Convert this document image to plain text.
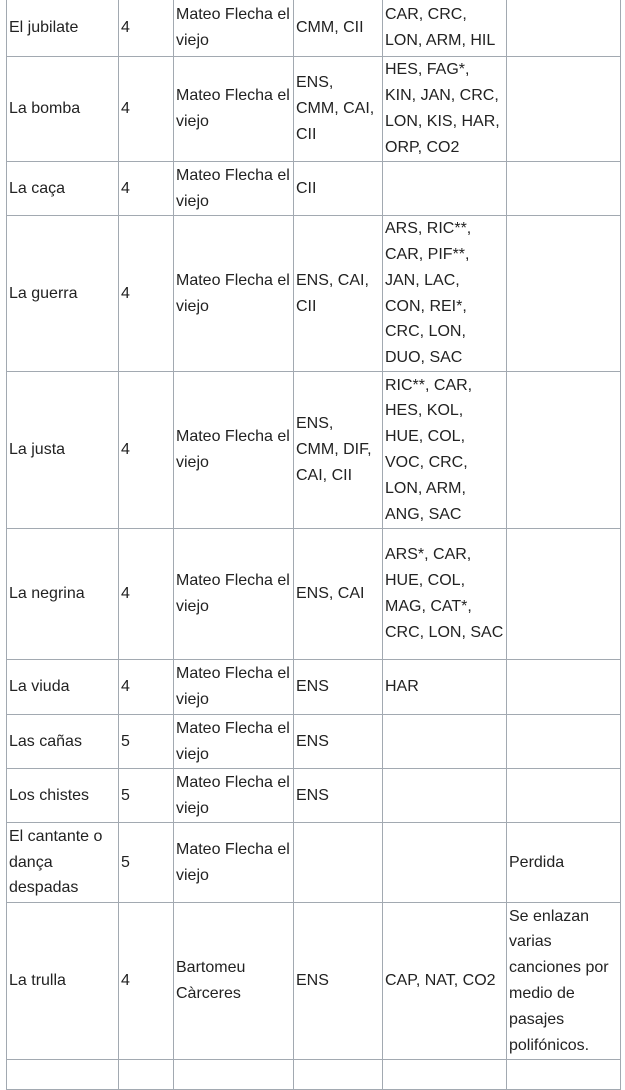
El jubilate	4	Mateo Flecha el viejo	CMM, CII	CAR, CRC, LON, ARM, HIL	
La bomba	4	Mateo Flecha el viejo	ENS, CMM, CAI, CII	HES, FAG*, KIN, JAN, CRC, LON, KIS, HAR, ORP, CO2	
La caça	4	Mateo Flecha el viejo	CII		
La guerra	4	Mateo Flecha el viejo	ENS, CAI, CII	ARS, RIC**, CAR, PIF**, JAN, LAC, CON, REI*, CRC, LON, DUO, SAC	
La justa	4	Mateo Flecha el viejo	ENS, CMM, DIF, CAI, CII	RIC**, CAR, HES, KOL, HUE, COL, VOC, CRC, LON, ARM, ANG, SAC	
La negrina	4	Mateo Flecha el viejo	ENS, CAI	ARS*, CAR, HUE, COL, MAG, CAT*, CRC, LON, SAC	
La viuda	4	Mateo Flecha el viejo	ENS	HAR	
Las cañas	5	Mateo Flecha el viejo	ENS		
Los chistes	5	Mateo Flecha el viejo	ENS		
El cantante o dança despadas	5	Mateo Flecha el viejo			Perdida
La trulla	4	Bartomeu Càrceres	ENS	CAP, NAT, CO2	Se enlazan varias canciones por medio de pasajes polifónicos.
